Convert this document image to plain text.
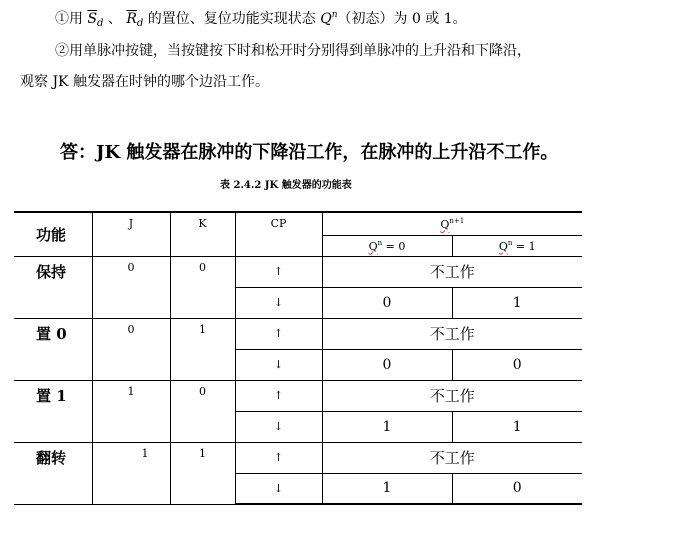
①用 $\overline{S}_d$ 、 $\overline{R}_d$ 的置位、复位功能实现状态 $Q^n$（初态）为 0 或 1。
②用单脉冲按键，当按键按下时和松开时分别得到单脉冲的上升沿和下降沿，
观察 JK 触发器在时钟的哪个边沿工作。
答：JK 触发器在脉冲的下降沿工作，在脉冲的上升沿不工作。
表 2.4.2 JK 触发器的功能表
功能	J	K	CP	$Q^{n+1}$
				$Q^n = 0$	$Q^n = 1$
保持	0	0	↑	不工作	
			↓	0	1
置 0	0	1	↑	不工作	
			↓	0	0
置 1	1	0	↑	不工作	
			↓	1	1
翻转	1	1	↑	不工作	
			↓	1	0
